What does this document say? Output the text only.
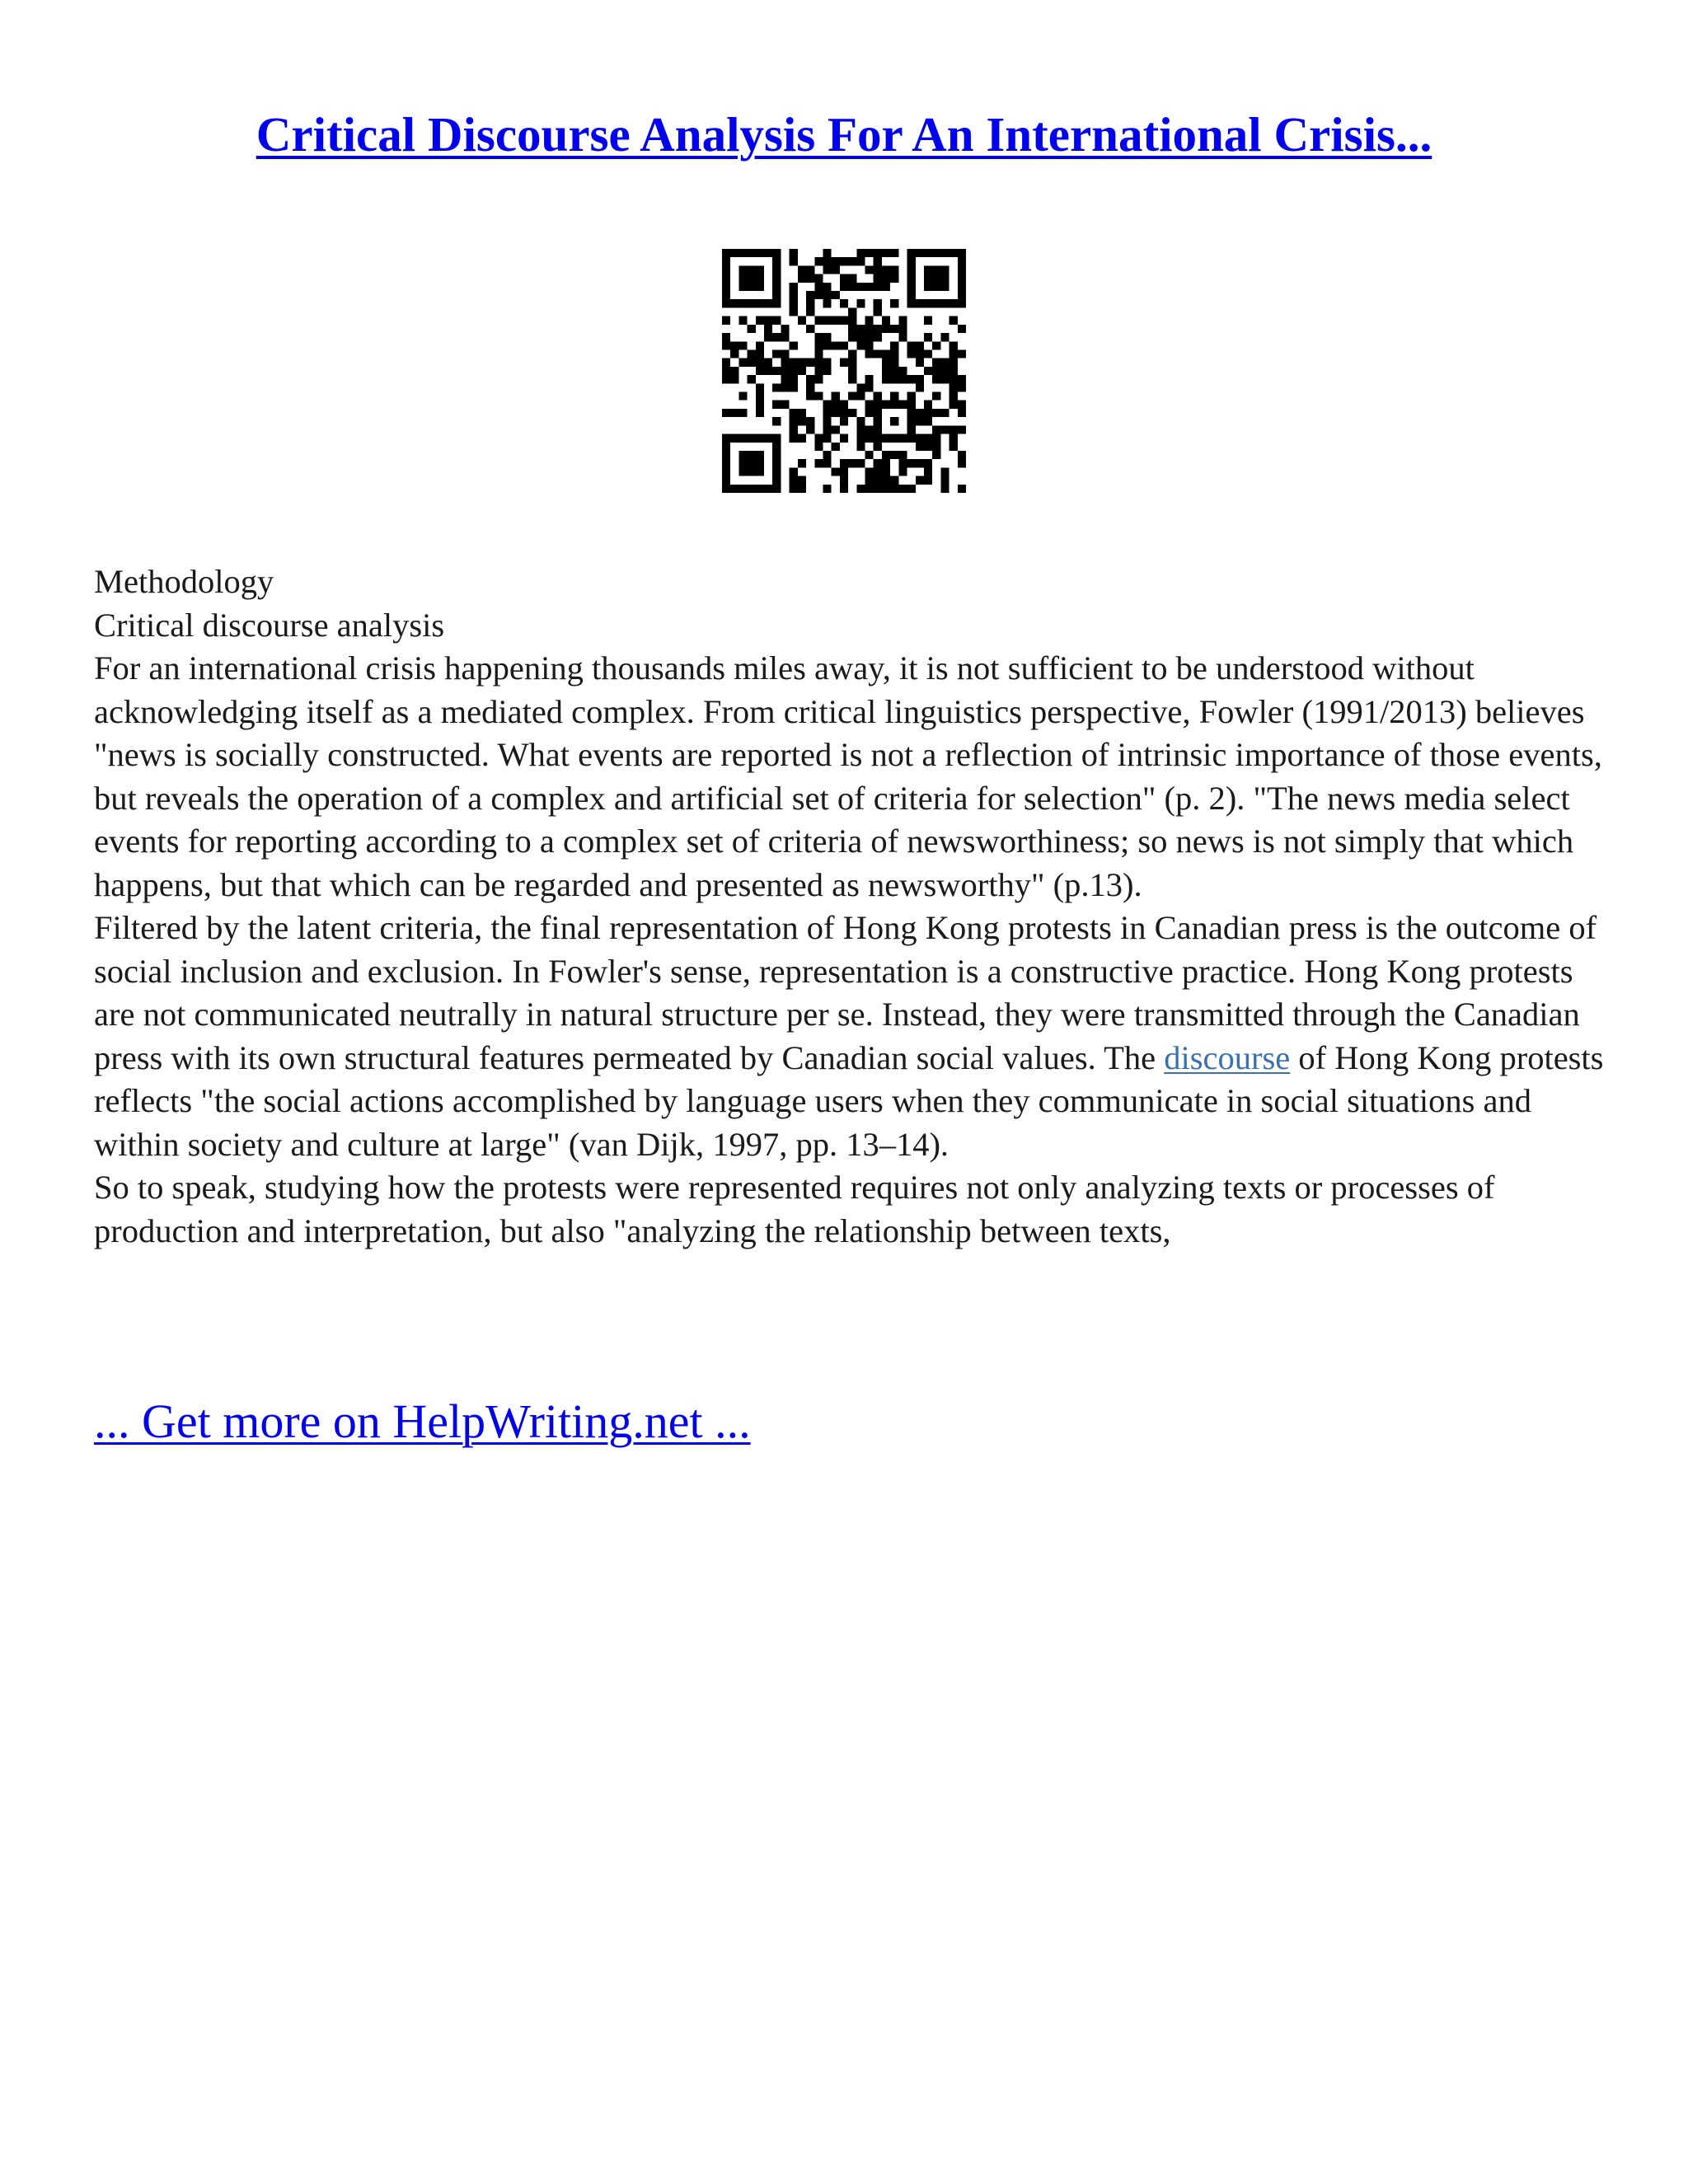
Critical Discourse Analysis For An International Crisis...

Methodology

Critical discourse analysis

For an international crisis happening thousands miles away, it is not sufficient to be understood without acknowledging itself as a mediated complex. From critical linguistics perspective, Fowler (1991/2013) believes "news is socially constructed. What events are reported is not a reflection of intrinsic importance of those events, but reveals the operation of a complex and artificial set of criteria for selection" (p. 2). "The news media select events for reporting according to a complex set of criteria of newsworthiness; so news is not simply that which happens, but that which can be regarded and presented as newsworthy" (p.13).

Filtered by the latent criteria, the final representation of Hong Kong protests in Canadian press is the outcome of social inclusion and exclusion. In Fowler's sense, representation is a constructive practice. Hong Kong protests are not communicated neutrally in natural structure per se. Instead, they were transmitted through the Canadian press with its own structural features permeated by Canadian social values. The discourse of Hong Kong protests reflects "the social actions accomplished by language users when they communicate in social situations and within society and culture at large" (van Dijk, 1997, pp. 13–14).

So to speak, studying how the protests were represented requires not only analyzing texts or processes of production and interpretation, but also "analyzing the relationship between texts,

... Get more on HelpWriting.net ...
